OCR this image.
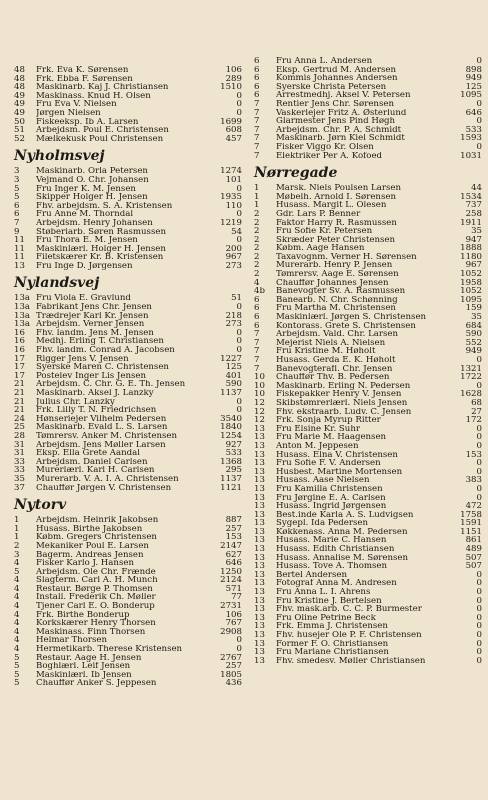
48	Frk. Eva K. Sørensen	106
48	Frk. Ebba F. Sørensen	289
48	Maskinarb. Kaj J. Christiansen	1510
49	Maskinass. Knud H. Olsen	0
49	Fru Eva V. Nielsen	0
49	Jørgen Nielsen	0
50	Fiskeeksp. Ib A. Larsen	1699
51	Arbejdsm. Poul E. Christensen	608
52	Mælkekusk Poul Christensen	457
Nyholmsvej
3	Maskinarb. Orla Petersen	1274
3	Vejmand O. Chr. Johansen	101
5	Fru Inger K. M. Jensen	0
5	Skipper Holger H. Jensen	1935
6	Fhv. arbejdsm. S. A. Kristensen	110
6	Fru Anne M. Thorndal	0
7	Arbejdsm. Henry Johansen	1219
9	Støberiarb. Søren Rasmussen	54
11	Fru Thora E. M. Jensen	0
11	Maskinlærl. Holger H. Jensen	200
11	Filetskærer Kr. B. Kristensen	967
13	Fru Inge D. Jørgensen	273
Nylandsvej
13a Fru Viola E. Gravlund	51
13a Fabrikant Jens Chr. Jensen	0
13a Trædrejer Karl Kr. Jensen	218
13a Arbejdsm. Verner Jensen	273
16	Fhv. landm. Jens M. Jensen	0
16	Medhj. Erling T. Christiansen	0
16	Fhv. landm. Conrad A. Jacobsen	0
17	Rigger Jens V. Jensen	1227
17	Syerske Maren C. Christensen	125
17	Postelev Inger Lis Jensen	401
21	Arbejdsm. C. Chr. G. E. Th. Jensen	590
21	Maskinarb. Aksel J. Lanzky	1137
21	Julius Chr. Lanzky	0
21	Frk. Lilly T. N. Friedrichsen	0
24	Hønseriejer Vilhelm Pedersen	3540
25	Maskinarb. Evald L. S. Larsen	1840
28	Tømrersv. Anker M. Christensen	1254
31	Arbejdsm. Jens Møller Larsen	927
31	Eksp. Ella Grete Aandal	533
33	Arbejdsm. Daniel Carlsen	1368
33	Murerlærl. Karl H. Carlsen	295
35	Murerarb. V. A. I. A. Christensen	1137
37	Chauffør Jørgen V. Christensen	1121
Nytorv
1	Arbejdsm. Heinrik Jakobsen	887
1	Husass. Birthe Jakobsen	257
1	Købm. Gregers Christensen	153
2	Mekaniker Poul E. Larsen	2147
3	Bagerm. Andreas Jensen	627
4	Fisker Karlo J. Hansen	646
5	Arbejdsm. Ole Chr. Frænde	1250
4	Slagterm. Carl A. H. Munch	2124
4	Restaur. Børge P. Thomsen	571
4	Install. Frederik Ch. Møller	77
4	Tjener Carl E. O. Bonderup	2731
4	Frk. Birthe Bonderup	106
4	Korkskærer Henry Thorsen	767
4	Maskinass. Finn Thorsen	2908
4	Helmar Thorsen	0
4	Hermetikarb. Therese Kristensen	0
5	Restaur. Aage H. Jensen	2767
5	Boghlærl. Leif Jensen	257
5	Maskinlærl. Ib Jensen	1805
5	Chauffør Anker S. Jeppesen	436
6	Fru Anna L. Andersen	0
6	Eksp. Gertrud M. Andersen	898
6	Kommis Johannes Andersen	949
6	Syerske Christa Petersen	125
6	Arrestmedhj. Aksel V. Petersen	1095
7	Rentier Jens Chr. Sørensen	0
7	Vaskerlejer Fritz A. Østerlund	646
7	Glarmester Jens Pind Høgh	0
7	Arbejdsm. Chr. P. A. Schmidt	533
7	Maskinarb. Jørn Kiel Schmidt	1593
7	Fisker Viggo Kr. Olsen	0
7	Elektriker Per A. Kofoed	1031
Nørregade
1	Marsk. Niels Poulsen Larsen	44
1	Møbelh. Arnold I. Sørensen	1534
1	Husass. Margit L. Olesen	737
2	Gdr. Lars P. Benner	258
2	Faktor Harry R. Rasmussen	1911
2	Fru Sofie Kr. Petersen	35
2	Skræder Peter Christensen	947
2	Købm. Aage Hansen	1888
2	Taxavognm. Verner H. Sørensen	1180
2	Murerarb. Henry P. Jensen	967
2	Tømrersv. Aage E. Sørensen	1052
4	Chauffør Johannes Jensen	1958
4b	Banevogter Sv. A. Rasmussen	1052
6	Banearb. N. Chr. Schønning	1095
6	Fru Martha M. Christensen	159
6	Maskinlærl. Jørgen S. Christensen	35
6	Kontorass. Grete S. Christensen	684
7	Arbejdsm. Vald. Chr. Larsen	590
7	Mejerist Niels A. Nielsen	552
7	Fru Kristine M. Høholt	949
7	Husass. Gerda E. K. Høholt	0
7	Banevogterafl. Chr. Jensen	1321
10	Chauffør Thv. B. Pedersen	1722
10	Maskinarb. Erling N. Pedersen	0
10	Fiskepakker Henry V. Jensen	1628
12	Skibstømrerlærl. Niels Jensen	68
12	Fhv. ekstraarb. Ludv. C. Jensen	27
12	Frk. Sonja Myrup Ritter	172
13	Fru Elsine Kr. Suhr	0
13	Fru Marie M. Haagensen	0
13	Anton M. Jeppesen	0
13	Husass. Elna V. Christensen	153
13	Fru Sofie F. V. Andersen	0
13	Husbest. Martine Mortensen	0
13	Husass. Aase Nielsen	383
13	Fru Kamilla Christensen	0
13	Fru Jørgine E. A. Carlsen	0
13	Husass. Ingrid Jørgensen	472
13	Best.inde Karla A. S. Ludvigsen	1758
13	Sygepl. Ida Pedersen	1591
13	Køkkenass. Anna M. Pedersen	1151
13	Husass. Marie C. Hansen	861
13	Husass. Edith Christiansen	489
13	Husass. Annalise M. Sørensen	507
13	Husass. Tove A. Thomsen	507
13	Bertel Andersen	0
13	Fotograf Anna M. Andresen	0
13	Fru Anna L. I. Ahrens	0
13	Fru Kristine J. Bertelsen	0
13	Fhv. mask.arb. C. C. P. Burmester	0
13	Fru Oline Petrine Beck	0
13	Frk. Emma J. Christensen	0
13	Fhv. husejer Ole P. F. Christensen	0
13	Former F. O. Christiansen	0
13	Fru Mariane Christiansen	0
13	Fhv. smedesv. Møller Christiansen	0
